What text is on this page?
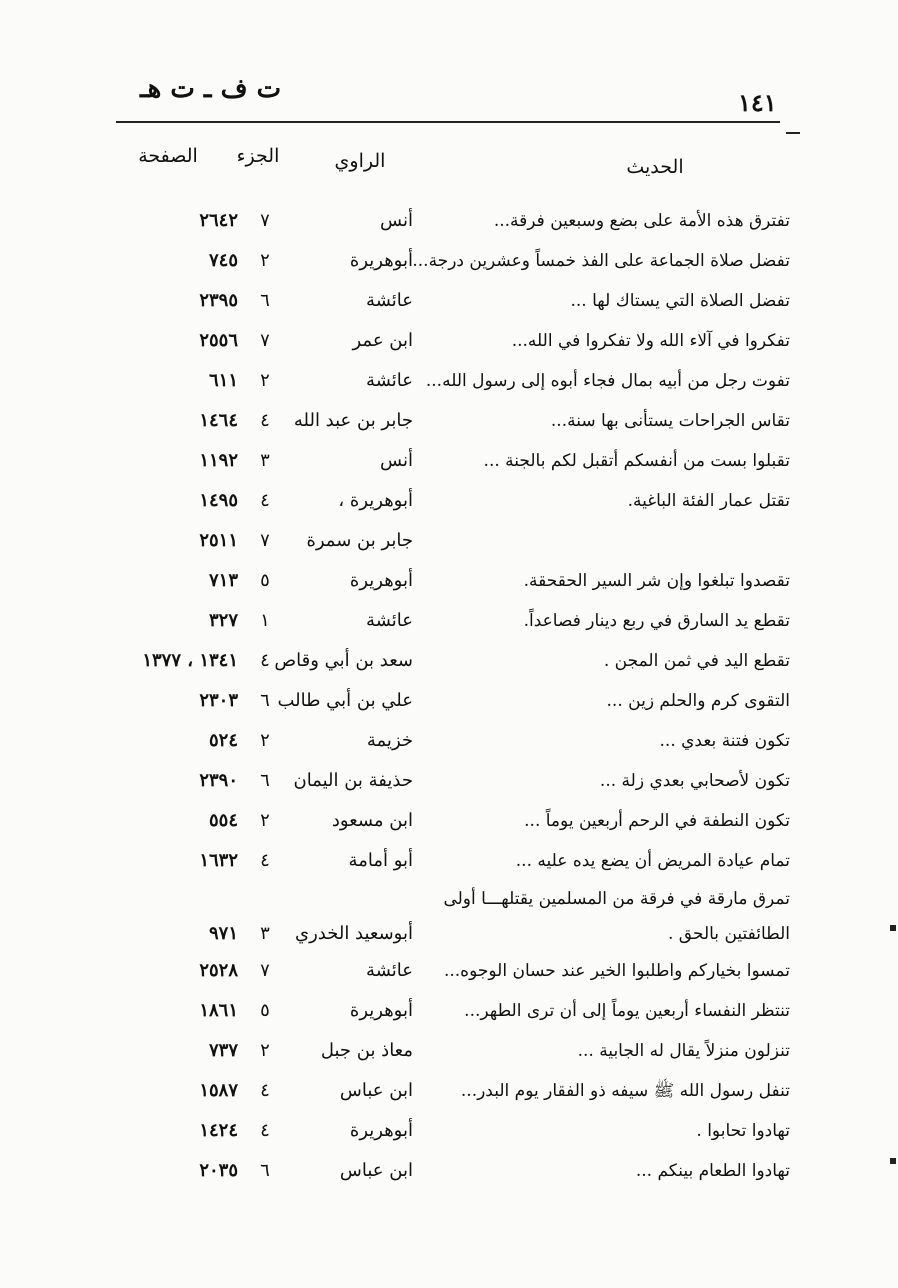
١٤١
ت ف ـ ت هـ
الحديث
الراوي
الجزء
الصفحة
تفترق هذه الأمة على بضع وسبعين فرقة...
أنس
٧
٢٦٤٢
تفضل صلاة الجماعة على الفذ خمساً وعشرين درجة...
أبوهريرة
٢
٧٤٥
تفضل الصلاة التي يستاك لها ...
عائشة
٦
٢٣٩٥
تفكروا في آلاء الله ولا تفكروا في الله...
ابن عمر
٧
٢٥٥٦
تفوت رجل من أبيه بمال فجاء أبوه إلى رسول الله...
عائشة
٢
٦١١
تقاس الجراحات يستأنى بها سنة...
جابر بن عبد الله
٤
١٤٦٤
تقبلوا بست من أنفسكم أتقبل لكم بالجنة ...
أنس
٣
١١٩٢
تقتل عمار الفئة الباغية.
أبوهريرة ،
٤
١٤٩٥
جابر بن سمرة
٧
٢٥١١
تقصدوا تبلغوا وإن شر السير الحقحقة.
أبوهريرة
٥
٧١٣
تقطع يد السارق في ربع دينار فصاعداً.
عائشة
١
٣٢٧
تقطع اليد في ثمن المجن .
سعد بن أبي وقاص
٤
١٣٤١ ، ١٣٧٧
التقوى كرم والحلم زين ...
علي بن أبي طالب
٦
٢٣٠٣
تكون فتنة بعدي ...
خزيمة
٢
٥٢٤
تكون لأصحابي بعدي زلة ...
حذيفة بن اليمان
٦
٢٣٩٠
تكون النطفة في الرحم أربعين يوماً ...
ابن مسعود
٢
٥٥٤
تمام عيادة المريض أن يضع يده عليه ...
أبو أمامة
٤
١٦٣٢
تمرق مارقة في فرقة من المسلمين يقتلهـــا أولى
الطائفتين بالحق .
أبوسعيد الخدري
٣
٩٧١
تمسوا بخياركم واطلبوا الخير عند حسان الوجوه...
عائشة
٧
٢٥٢٨
تنتظر النفساء أربعين يوماً إلى أن ترى الطهر...
أبوهريرة
٥
١٨٦١
تنزلون منزلاً يقال له الجابية ...
معاذ بن جبل
٢
٧٣٧
تنفل رسول الله ﷺ سيفه ذو الفقار يوم البدر...
ابن عباس
٤
١٥٨٧
تهادوا تحابوا .
أبوهريرة
٤
١٤٢٤
تهادوا الطعام بينكم ...
ابن عباس
٦
٢٠٣٥
